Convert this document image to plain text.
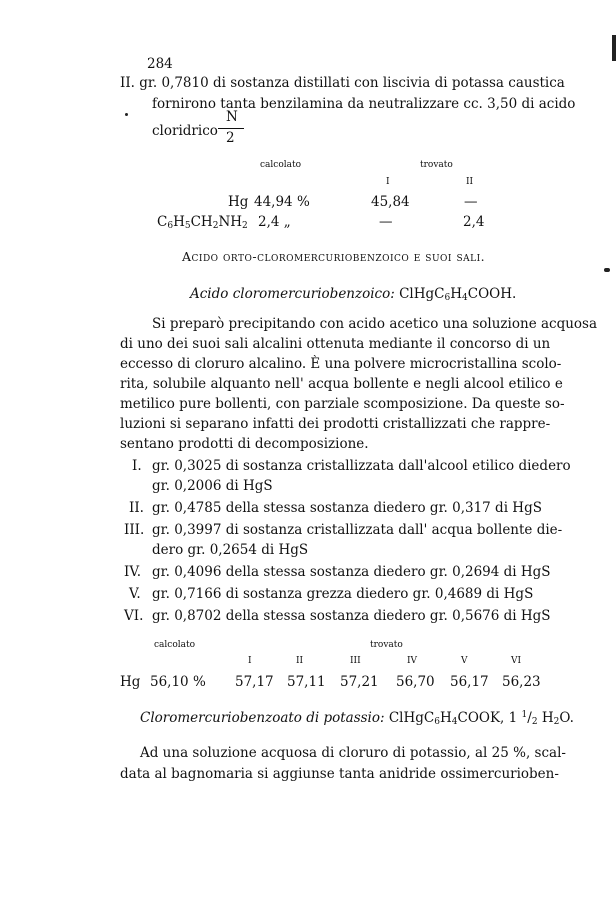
284
II. gr. 0,7810 di sostanza distillati con liscivia di potassa caustica
fornirono tanta benzilamina da neutralizzare cc. 3,50 di acido
cloridrico
N
2
calcolato	trovato
I	II
Hg 44,94 %	45,84	—
$C_6H_5CH_2NH_2$ 2,4 „	—	2,4
Acido orto-cloromercuriobenzoico e suoi sali.
Acido cloromercuriobenzoico: $ClHgC_6H_4COOH$.
Si preparò precipitando con acido acetico una soluzione acquosa
di uno dei suoi sali alcalini ottenuta mediante il concorso di un
eccesso di cloruro alcalino. È una polvere microcristallina scolo-
rita, solubile alquanto nell' acqua bollente e negli alcool etilico e
metilico pure bollenti, con parziale scomposizione. Da queste so-
luzioni si separano infatti dei prodotti cristallizzati che rappre-
sentano prodotti di decomposizione.
I. gr. 0,3025 di sostanza cristallizzata dall'alcool etilico diedero
gr. 0,2006 di HgS
II. gr. 0,4785 della stessa sostanza diedero gr. 0,317 di HgS
III. gr. 0,3997 di sostanza cristallizzata dall' acqua bollente die-
dero gr. 0,2654 di HgS
IV. gr. 0,4096 della stessa sostanza diedero gr. 0,2694 di HgS
V. gr. 0,7166 di sostanza grezza diedero gr. 0,4689 di HgS
VI. gr. 0,8702 della stessa sostanza diedero gr. 0,5676 di HgS
calcolato	trovato
I	II	III	IV	V	VI
Hg 56,10 % 57,17 57,11 57,21 56,70 56,17 56,23
Cloromercuriobenzoato di potassio: $ClHgC_6H_4COOK$, 1 $^1/_2$ $H_2O$.
Ad una soluzione acquosa di cloruro di potassio, al 25 %, scal-
data al bagnomaria si aggiunse tanta anidride ossimercurioben-
